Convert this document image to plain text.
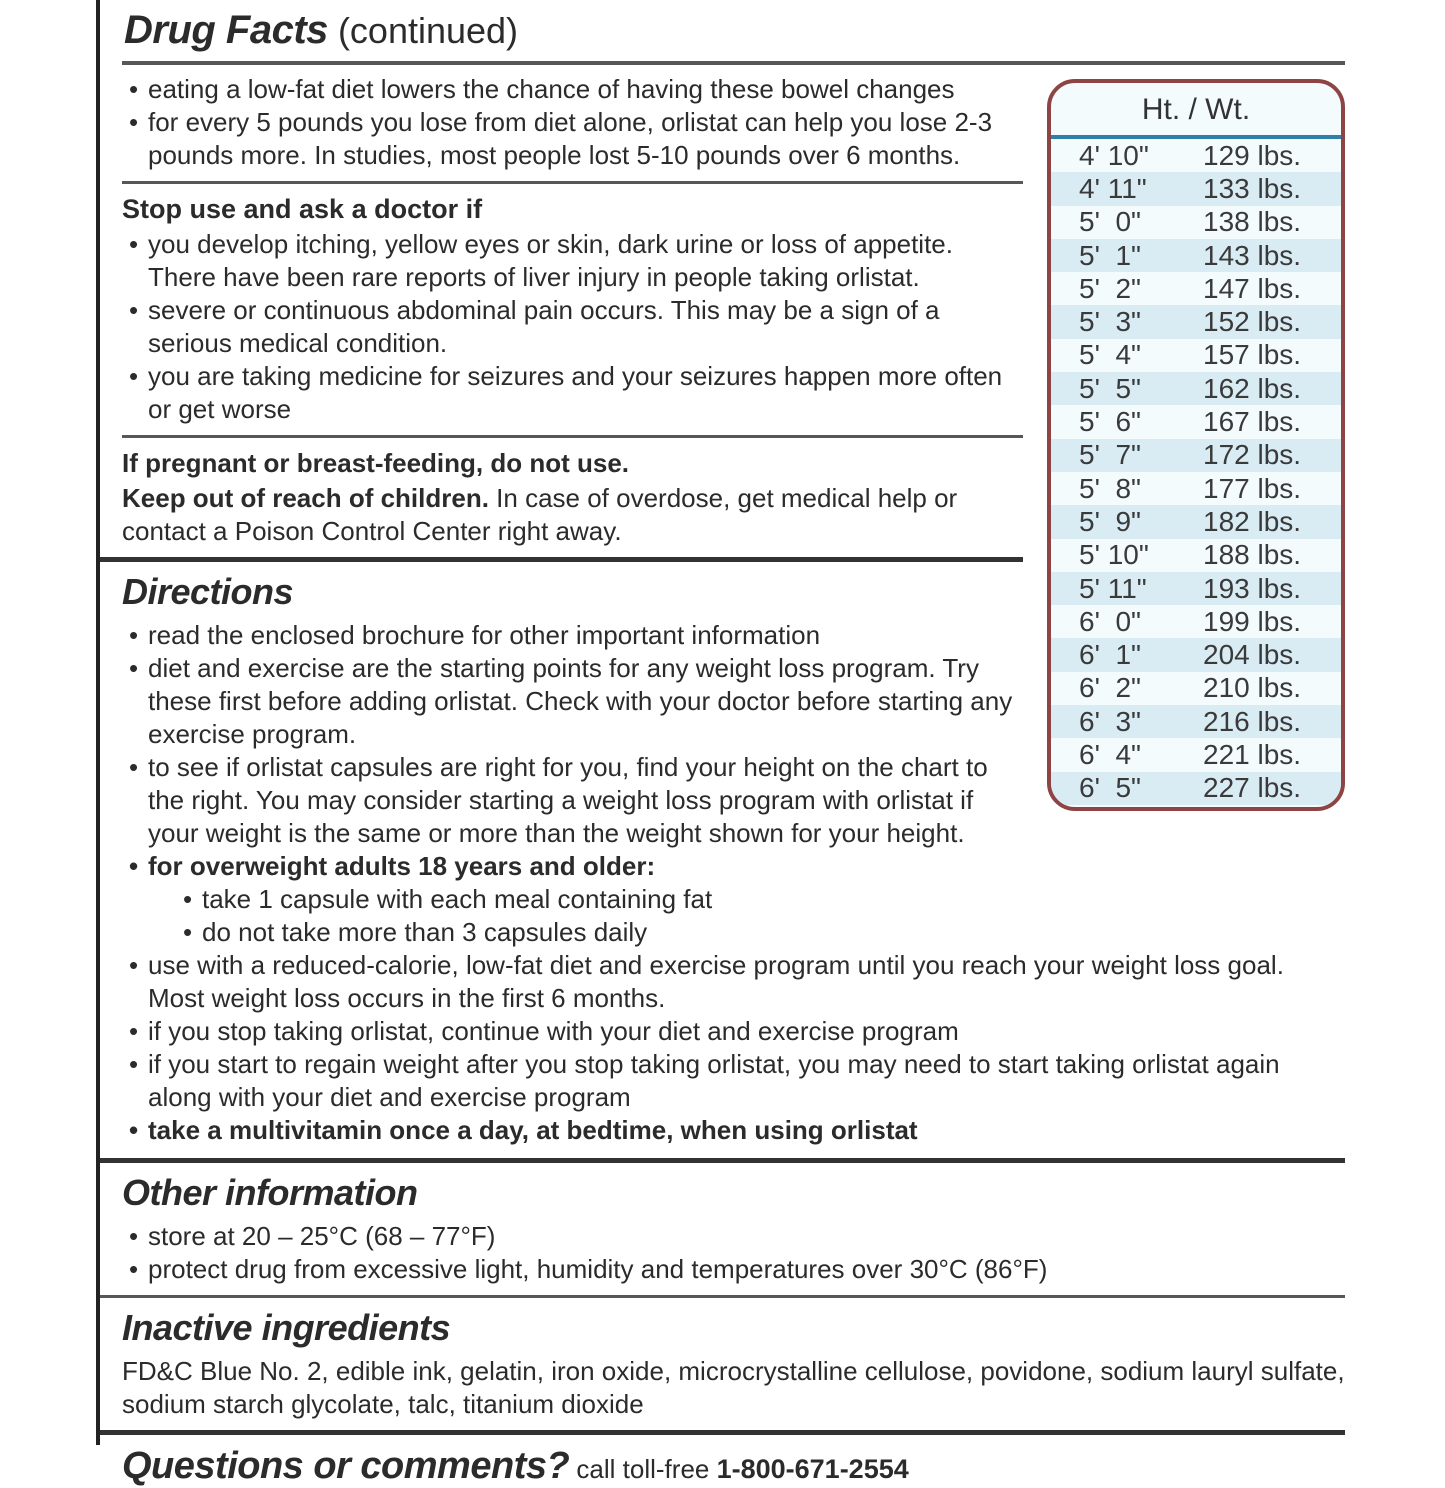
Drug Facts (continued)
Ht. / Wt.
4' 10"	129 lbs.
4' 11"	133 lbs.
5'  0"	138 lbs.
5'  1"	143 lbs.
5'  2"	147 lbs.
5'  3"	152 lbs.
5'  4"	157 lbs.
5'  5"	162 lbs.
5'  6"	167 lbs.
5'  7"	172 lbs.
5'  8"	177 lbs.
5'  9"	182 lbs.
5' 10"	188 lbs.
5' 11"	193 lbs.
6'  0"	199 lbs.
6'  1"	204 lbs.
6'  2"	210 lbs.
6'  3"	216 lbs.
6'  4"	221 lbs.
6'  5"	227 lbs.
• eating a low-fat diet lowers the chance of having these bowel changes
• for every 5 pounds you lose from diet alone, orlistat can help you lose 2-3 pounds more. In studies, most people lost 5-10 pounds over 6 months.
Stop use and ask a doctor if
• you develop itching, yellow eyes or skin, dark urine or loss of appetite. There have been rare reports of liver injury in people taking orlistat.
• severe or continuous abdominal pain occurs. This may be a sign of a serious medical condition.
• you are taking medicine for seizures and your seizures happen more often or get worse

If pregnant or breast-feeding, do not use.

Keep out of reach of children. In case of overdose, get medical help or contact a Poison Control Center right away.

Directions
• read the enclosed brochure for other important information
• diet and exercise are the starting points for any weight loss program. Try these first before adding orlistat. Check with your doctor before starting any exercise program.
• to see if orlistat capsules are right for you, find your height on the chart to the right. You may consider starting a weight loss program with orlistat if your weight is the same or more than the weight shown for your height.
• for overweight adults 18 years and older:
• take 1 capsule with each meal containing fat
• do not take more than 3 capsules daily
• use with a reduced-calorie, low-fat diet and exercise program until you reach your weight loss goal. Most weight loss occurs in the first 6 months.
• if you stop taking orlistat, continue with your diet and exercise program
• if you start to regain weight after you stop taking orlistat, you may need to start taking orlistat again along with your diet and exercise program
• take a multivitamin once a day, at bedtime, when using orlistat
Other information
• store at 20 – 25°C (68 – 77°F)
• protect drug from excessive light, humidity and temperatures over 30°C (86°F)
Inactive ingredients

FD&C Blue No. 2, edible ink, gelatin, iron oxide, microcrystalline cellulose, povidone, sodium lauryl sulfate, sodium starch glycolate, talc, titanium dioxide

Questions or comments? call toll-free 1-800-671-2554
